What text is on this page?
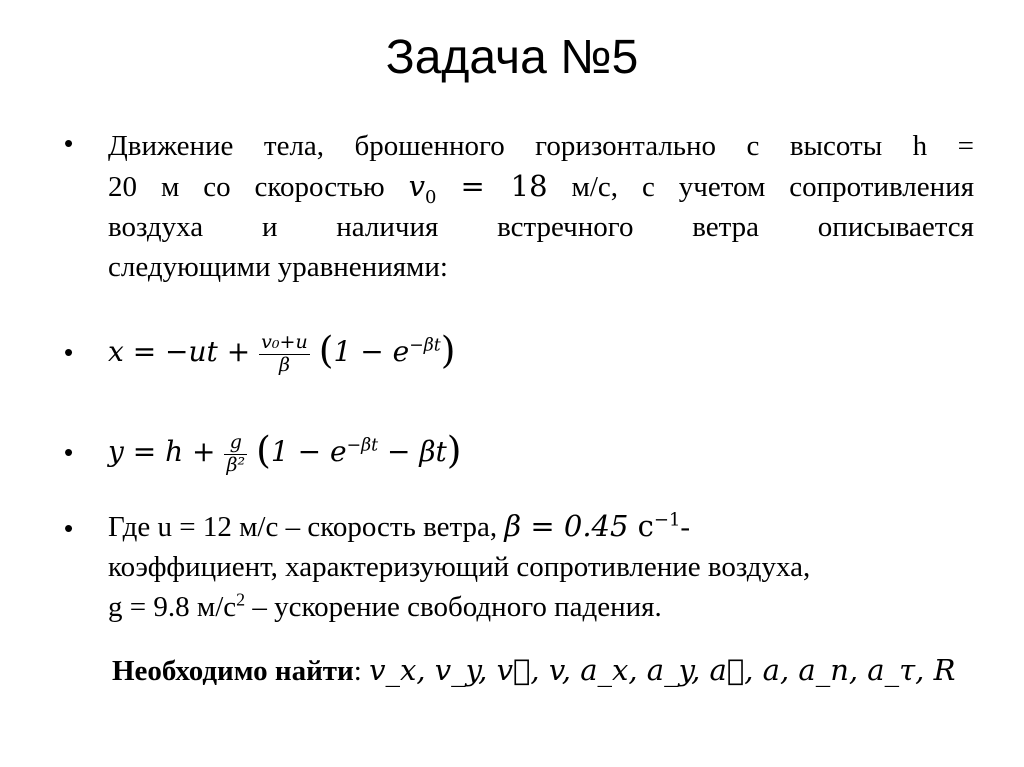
Задача №5
• Движение тела, брошенного горизонтально с высоты h =
20 м со скоростью $v_0 = 18$ м/с, с учетом сопротивления
воздуха и наличия встречного ветра описывается
следующими уравнениями:
• $x = -ut + \frac{\text{v₀+u}}{\beta} (1 - e^{-\beta t})$
• $y = h + \frac{g}{\text{β²}} (1 - e^{-\beta t} - \beta t)$
• Где u = 12 м/с – скорость ветра, β = 0.45 $с^{-1}-$
коэффициент, характеризующий сопротивление воздуха,
g = 9.8 $м/с^2$ – ускорение свободного падения.
Необходимо найти: v_x, v_y, v⃗, v, a_x, a_y, a⃗, a, a_n, a_τ, R
